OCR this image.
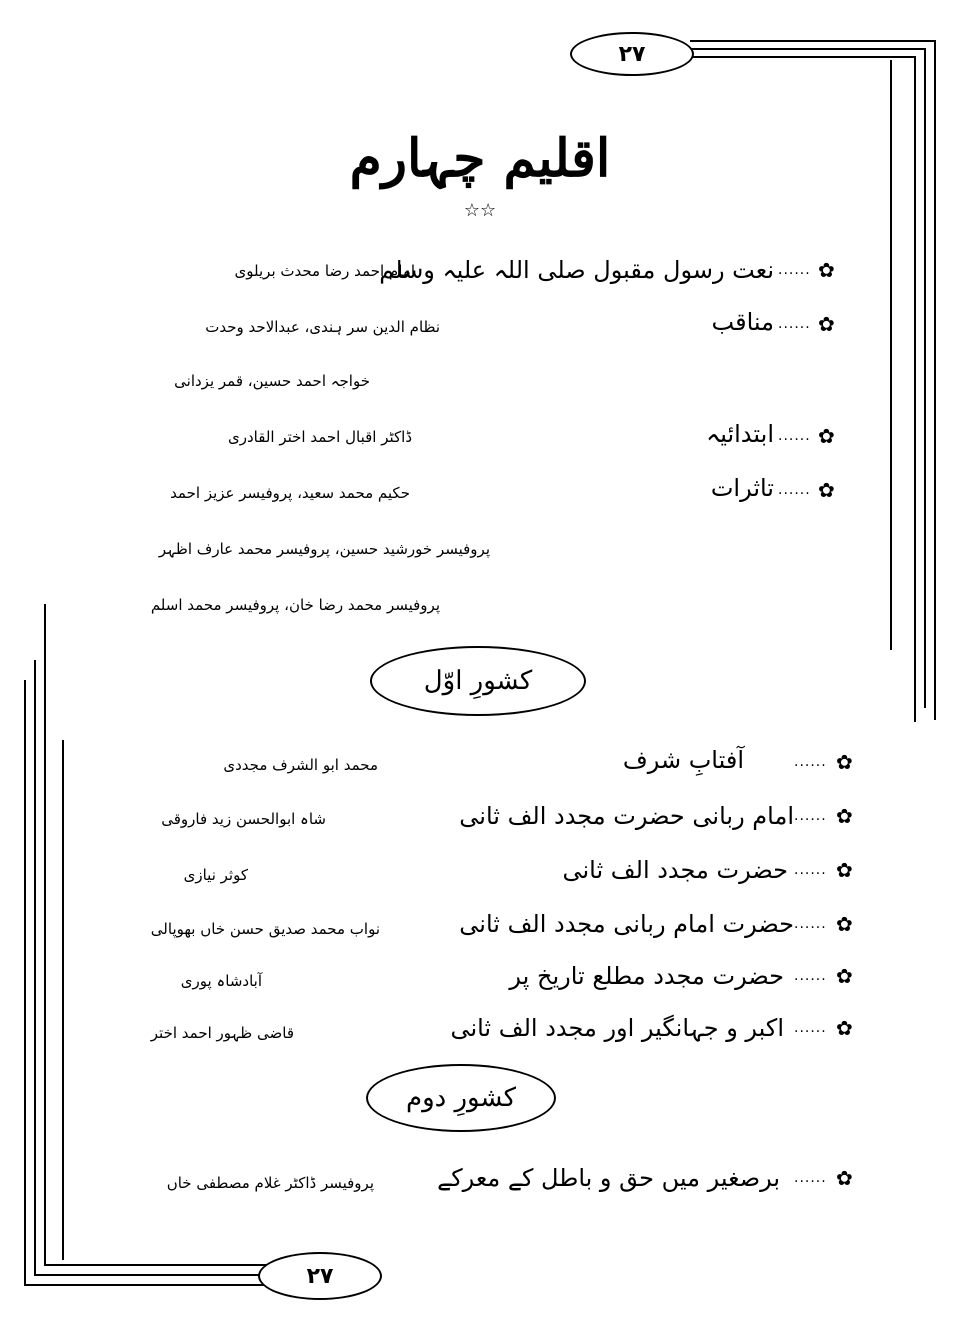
٢٧
٢٧
اقلیم چہارم
☆☆
✿
......
نعت رسول مقبول صلی اللہ علیہ وسلم
امام احمد رضا محدث بریلوی
✿
......
مناقب
نظام الدین سر ہندی، عبدالاحد وحدت
خواجہ احمد حسین، قمر یزدانی
✿
......
ابتدائیہ
ڈاکٹر اقبال احمد اختر القادری
✿
......
تاثرات
حکیم محمد سعید، پروفیسر عزیز احمد
پروفیسر خورشید حسین، پروفیسر محمد عارف اظہر
پروفیسر محمد رضا خان، پروفیسر محمد اسلم
کشورِ اوّل
✿
......
آفتابِ شرف
محمد ابو الشرف مجددی
✿
......
امام ربانی حضرت مجدد الف ثانی
شاہ ابوالحسن زید فاروقی
✿
......
حضرت مجدد الف ثانی
کوثر نیازی
✿
......
حضرت امام ربانی مجدد الف ثانی
نواب محمد صدیق حسن خاں بھوپالی
✿
......
حضرت مجدد مطلع تاریخ پر
آبادشاہ پوری
✿
......
اکبر و جہانگیر اور مجدد الف ثانی
قاضی ظہور احمد اختر
کشورِ دوم
✿
......
برصغیر میں حق و باطل کے معرکے
پروفیسر ڈاکٹر غلام مصطفی خاں
